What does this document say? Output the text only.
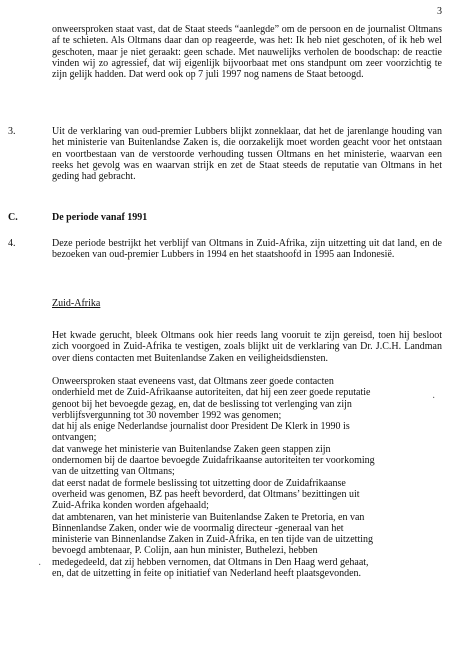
3

onweersproken staat vast, dat de Staat steeds “aanlegde” om de persoon en de journalist Oltmans af te schieten. Als Oltmans daar dan op reageerde, was het: Ik heb niet geschoten, of ik heb wel geschoten, maar je niet geraakt: geen schade. Met nauwelijks verholen de boodschap: de reactie vinden wij zo agressief, dat wij eigenlijk bijvoorbaat met ons standpunt om zeer voorzichtig te zijn gelijk hadden. Dat werd ook op 7 juli 1997 nog namens de Staat betoogd.

3.	Uit de verklaring van oud-premier Lubbers blijkt zonneklaar, dat het de jarenlange houding van het ministerie van Buitenlandse Zaken is, die oorzakelijk moet worden geacht voor het ontstaan en voortbestaan van de verstoorde verhouding tussen Oltmans en het ministerie, waarvan een reeks het gevolg was en waarvan strijk en zet de Staat steeds de reputatie van Oltmans in het geding had gebracht.

C.	De periode vanaf 1991
4.	Deze periode bestrijkt het verblijf van Oltmans in Zuid-Afrika, zijn uitzetting uit dat land, en de bezoeken van oud-premier Lubbers in 1994 en het staatshoofd in 1995 aan Indonesië.

Zuid-Afrika

Het kwade gerucht, bleek Oltmans ook hier reeds lang vooruit te zijn gereisd, toen hij besloot zich voorgoed in Zuid-Afrika te vestigen, zoals blijkt uit de verklaring van Dr. J.C.H. Landman over diens contacten met Buitenlandse Zaken en veiligheidsdiensten.

Onweersproken staat eveneens vast, dat Oltmans zeer goede contacten
onderhield met de Zuid-Afrikaanse autoriteiten, dat hij een zeer goede reputatie
genoot bij het bevoegde gezag, en, dat de beslissing tot verlenging van zijn
verblijfsvergunning tot 30 november 1992 was genomen;
dat hij als enige Nederlandse journalist door President De Klerk in 1990 is
ontvangen;
dat vanwege het ministerie van Buitenlandse Zaken geen stappen zijn
ondernomen bij de daartoe bevoegde Zuidafrikaanse autoriteiten ter voorkoming
van de uitzetting van Oltmans;
dat eerst nadat de formele beslissing tot uitzetting door de Zuidafrikaanse
overheid was genomen, BZ pas heeft bevorderd, dat Oltmans’ bezittingen uit
Zuid-Afrika konden worden afgehaald;
dat ambtenaren, van het ministerie van Buitenlandse Zaken te Pretoria, en van
Binnenlandse Zaken, onder wie de voormalig directeur -generaal van het
ministerie van Binnenlandse Zaken in Zuid-Afrika, en ten tijde van de uitzetting
bevoegd ambtenaar, P. Colijn, aan hun minister, Buthelezi, hebben
medegedeeld, dat zij hebben vernomen, dat Oltmans in Den Haag werd gehaat,
en, dat de uitzetting in feite op initiatief van Nederland heeft plaatsgevonden.
·
·
